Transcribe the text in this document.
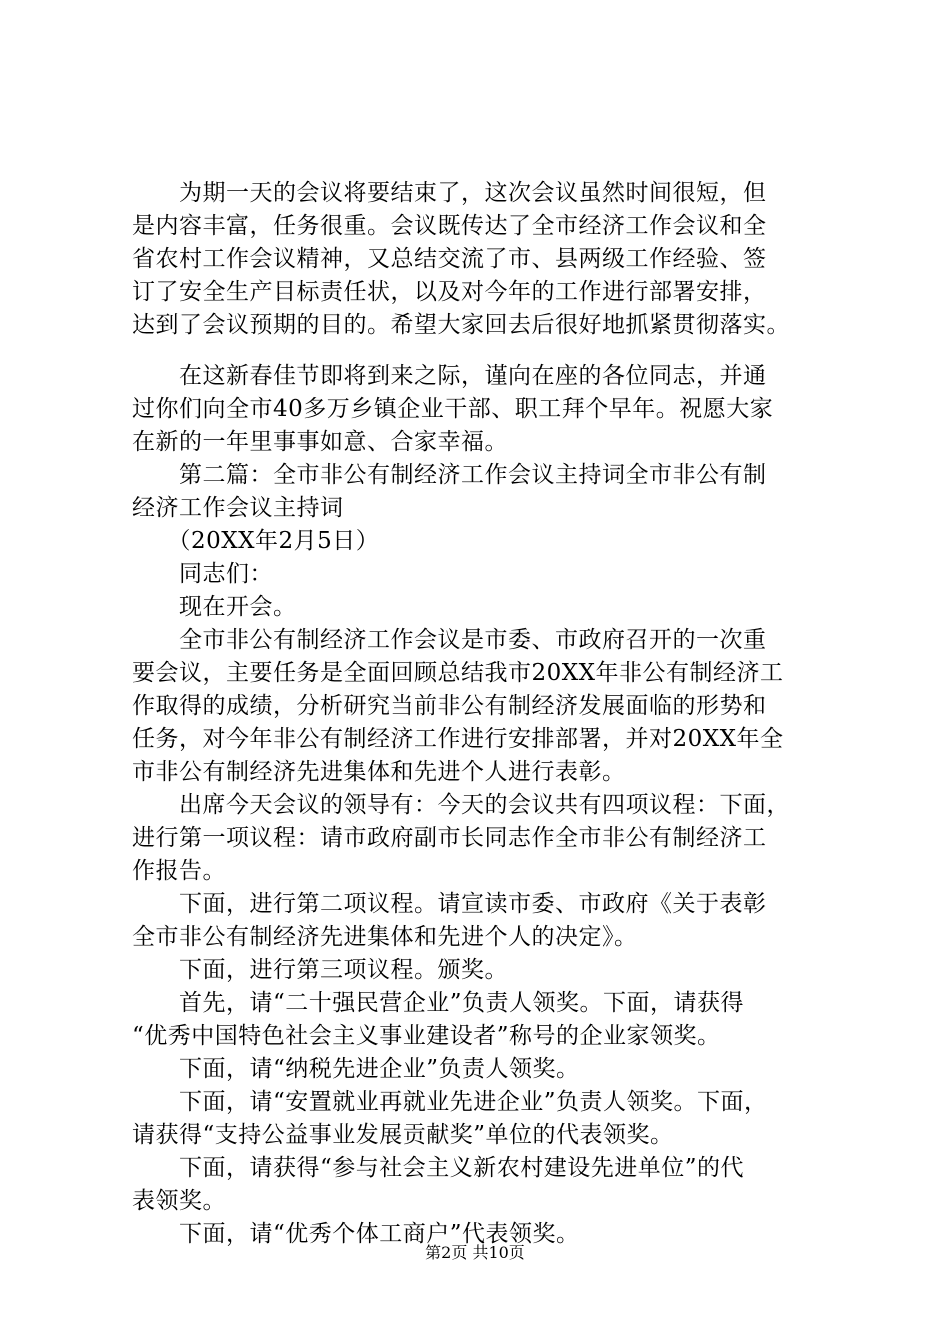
　　为期一天的会议将要结束了，这次会议虽然时间很短，但
是内容丰富，任务很重。会议既传达了全市经济工作会议和全
省农村工作会议精神，又总结交流了市、县两级工作经验、签
订了安全生产目标责任状，以及对今年的工作进行部署安排，
达到了会议预期的目的。希望大家回去后很好地抓紧贯彻落实。
　　在这新春佳节即将到来之际，谨向在座的各位同志，并通
过你们向全市40多万乡镇企业干部、职工拜个早年。祝愿大家
在新的一年里事事如意、合家幸福。
　　第二篇：全市非公有制经济工作会议主持词全市非公有制
经济工作会议主持词
　　（20XX年2月5日）
　　同志们：
　　现在开会。
　　全市非公有制经济工作会议是市委、市政府召开的一次重
要会议，主要任务是全面回顾总结我市20XX年非公有制经济工
作取得的成绩，分析研究当前非公有制经济发展面临的形势和
任务，对今年非公有制经济工作进行安排部署，并对20XX年全
市非公有制经济先进集体和先进个人进行表彰。
　　出席今天会议的领导有：今天的会议共有四项议程：下面，
进行第一项议程：请市政府副市长同志作全市非公有制经济工
作报告。
　　下面，进行第二项议程。请宣读市委、市政府《关于表彰
全市非公有制经济先进集体和先进个人的决定》。
　　下面，进行第三项议程。颁奖。
　　首先，请“二十强民营企业”负责人领奖。下面，请获得
“优秀中国特色社会主义事业建设者”称号的企业家领奖。
　　下面，请“纳税先进企业”负责人领奖。
　　下面，请“安置就业再就业先进企业”负责人领奖。下面，
请获得“支持公益事业发展贡献奖”单位的代表领奖。
　　下面，请获得“参与社会主义新农村建设先进单位”的代
表领奖。
　　下面，请“优秀个体工商户”代表领奖。
第2页 共10页
